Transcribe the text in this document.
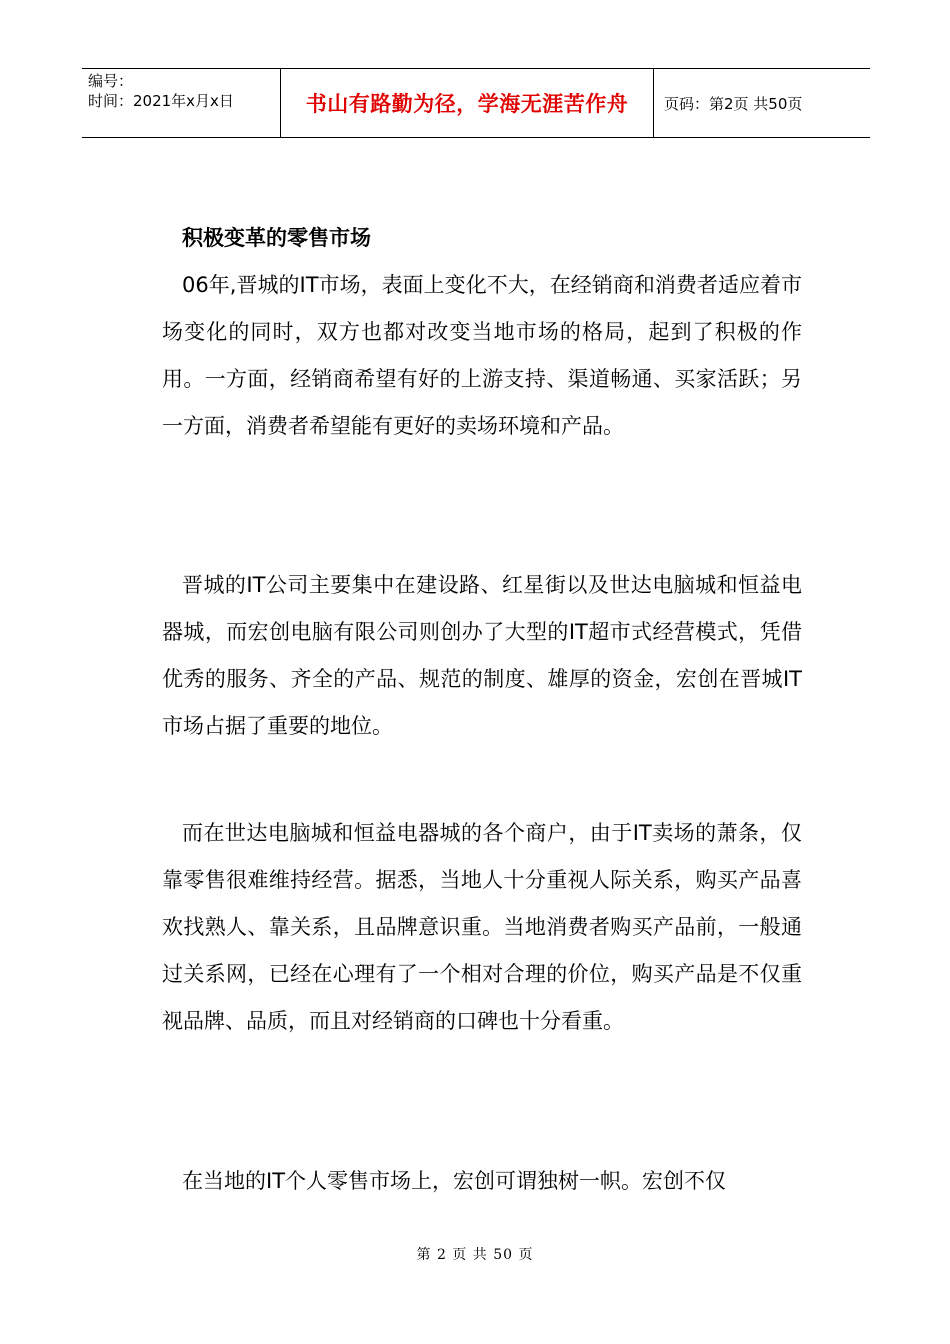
编号：
时间：2021年x月x日	书山有路勤为径，学海无涯苦作舟	页码：第2页 共50页
积极变革的零售市场

06年,晋城的IT市场，表面上变化不大，在经销商和消费者适应着市场变化的同时，双方也都对改变当地市场的格局，起到了积极的作用。一方面，经销商希望有好的上游支持、渠道畅通、买家活跃；另一方面，消费者希望能有更好的卖场环境和产品。

晋城的IT公司主要集中在建设路、红星街以及世达电脑城和恒益电器城，而宏创电脑有限公司则创办了大型的IT超市式经营模式，凭借优秀的服务、齐全的产品、规范的制度、雄厚的资金，宏创在晋城IT市场占据了重要的地位。

而在世达电脑城和恒益电器城的各个商户，由于IT卖场的萧条，仅靠零售很难维持经营。据悉，当地人十分重视人际关系，购买产品喜欢找熟人、靠关系，且品牌意识重。当地消费者购买产品前，一般通过关系网，已经在心理有了一个相对合理的价位，购买产品是不仅重视品牌、品质，而且对经销商的口碑也十分看重。

在当地的IT个人零售市场上，宏创可谓独树一帜。宏创不仅

第 2 页 共 50 页
